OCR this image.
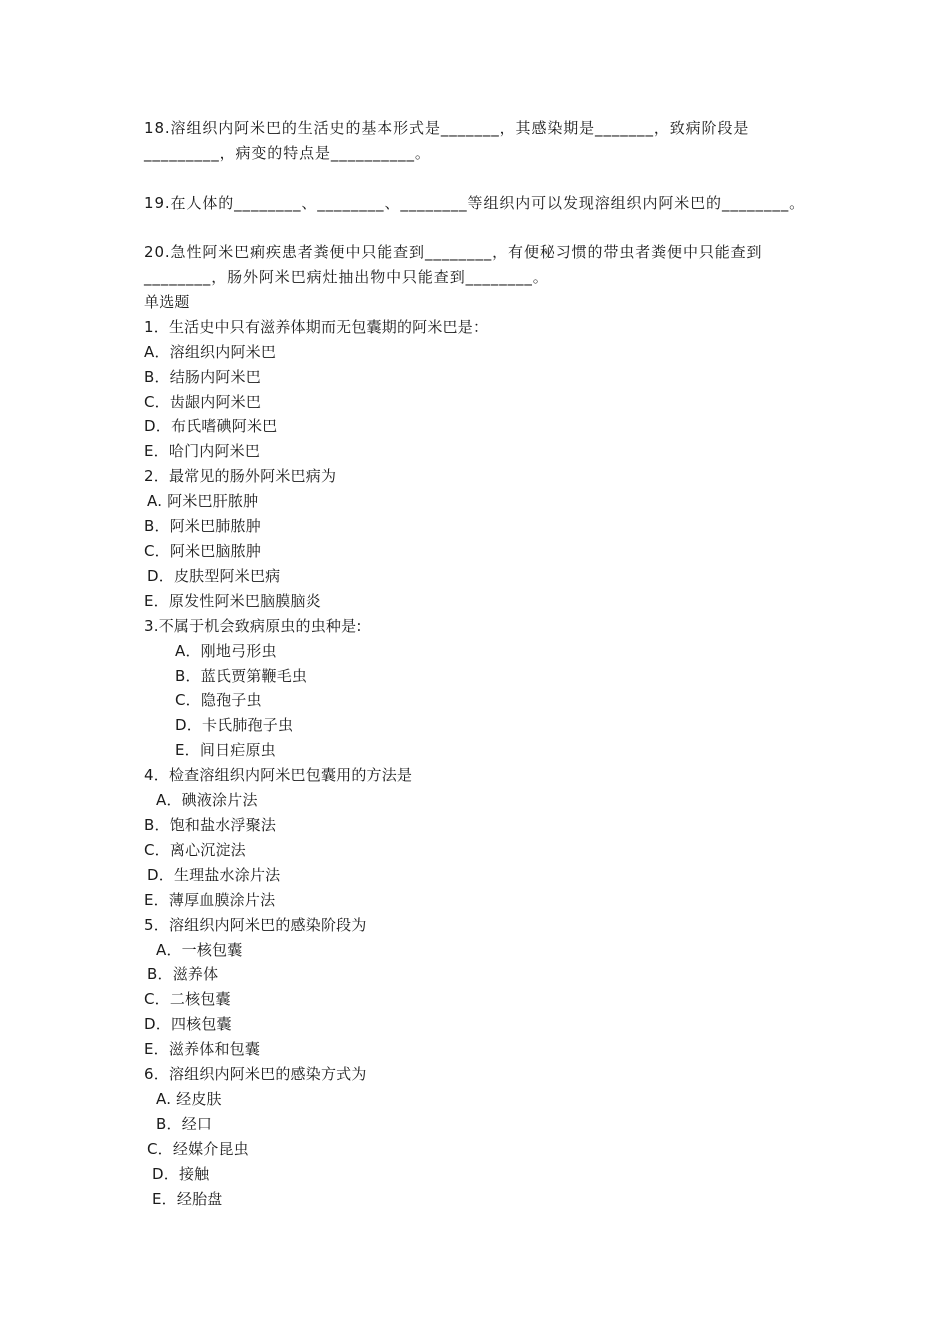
18.溶组织内阿米巴的生活史的基本形式是_______，其感染期是_______，致病阶段是
_________，病变的特点是__________。
19.在人体的________、________、________等组织内可以发现溶组织内阿米巴的________。
20.急性阿米巴痢疾患者粪便中只能查到________，有便秘习惯的带虫者粪便中只能查到
________，肠外阿米巴病灶抽出物中只能查到________。
单选题
1．生活史中只有滋养体期而无包囊期的阿米巴是：
A．溶组织内阿米巴
B．结肠内阿米巴
C．齿龈内阿米巴
D．布氏嗜碘阿米巴
E．哈门内阿米巴
2．最常见的肠外阿米巴病为
A. 阿米巴肝脓肿
B．阿米巴肺脓肿
C．阿米巴脑脓肿
D．皮肤型阿米巴病
E．原发性阿米巴脑膜脑炎
3.不属于机会致病原虫的虫种是:
A．刚地弓形虫
B．蓝氏贾第鞭毛虫
C．隐孢子虫
D．卡氏肺孢子虫
E．间日疟原虫
4．检查溶组织内阿米巴包囊用的方法是
A．碘液涂片法
B．饱和盐水浮聚法
C．离心沉淀法
D．生理盐水涂片法
E．薄厚血膜涂片法
5．溶组织内阿米巴的感染阶段为
A．一核包囊
B．滋养体
C．二核包囊
D．四核包囊
E．滋养体和包囊
6．溶组织内阿米巴的感染方式为
A. 经皮肤
B．经口
C．经媒介昆虫
D．接触
E．经胎盘
